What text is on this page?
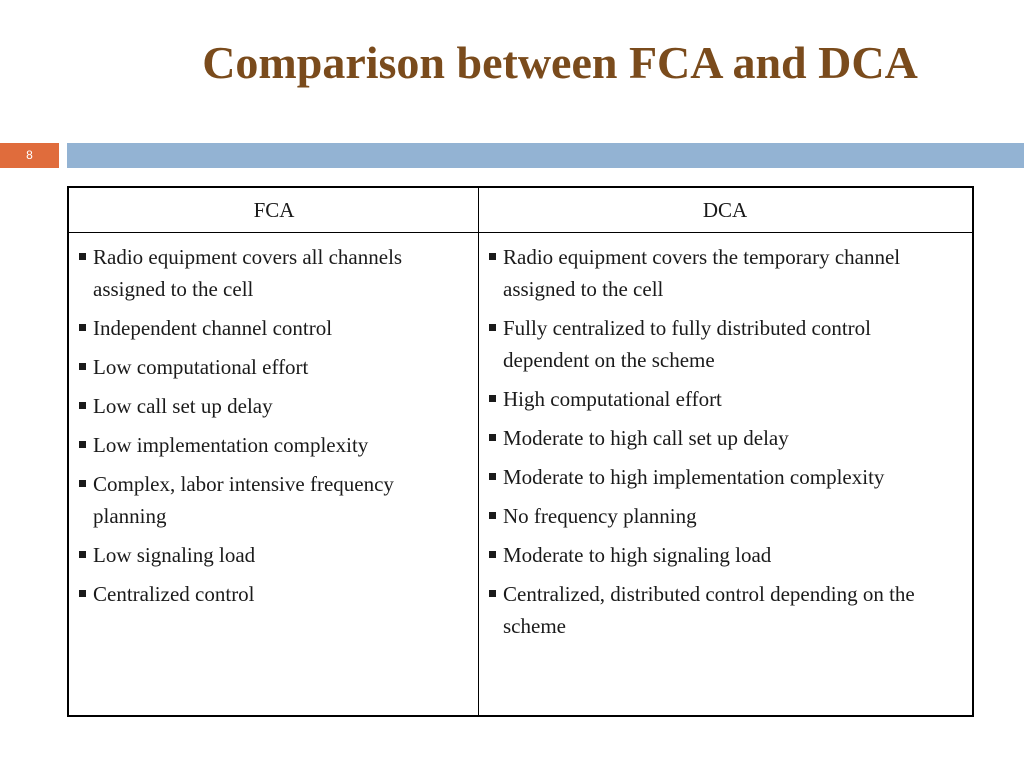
Comparison between FCA and DCA
8
FCA	DCA
Radio equipment covers all channels assigned to the cell
Independent channel control
Low computational effort
Low call set up delay
Low implementation complexity
Complex, labor intensive frequency planning
Low signaling load
Centralized control
Radio equipment covers the temporary channel assigned to the cell
Fully centralized to fully distributed control dependent on the scheme
High computational effort
Moderate to high call set up delay
Moderate to high implementation complexity
No frequency planning
Moderate to high signaling load
Centralized, distributed control depending on the scheme
